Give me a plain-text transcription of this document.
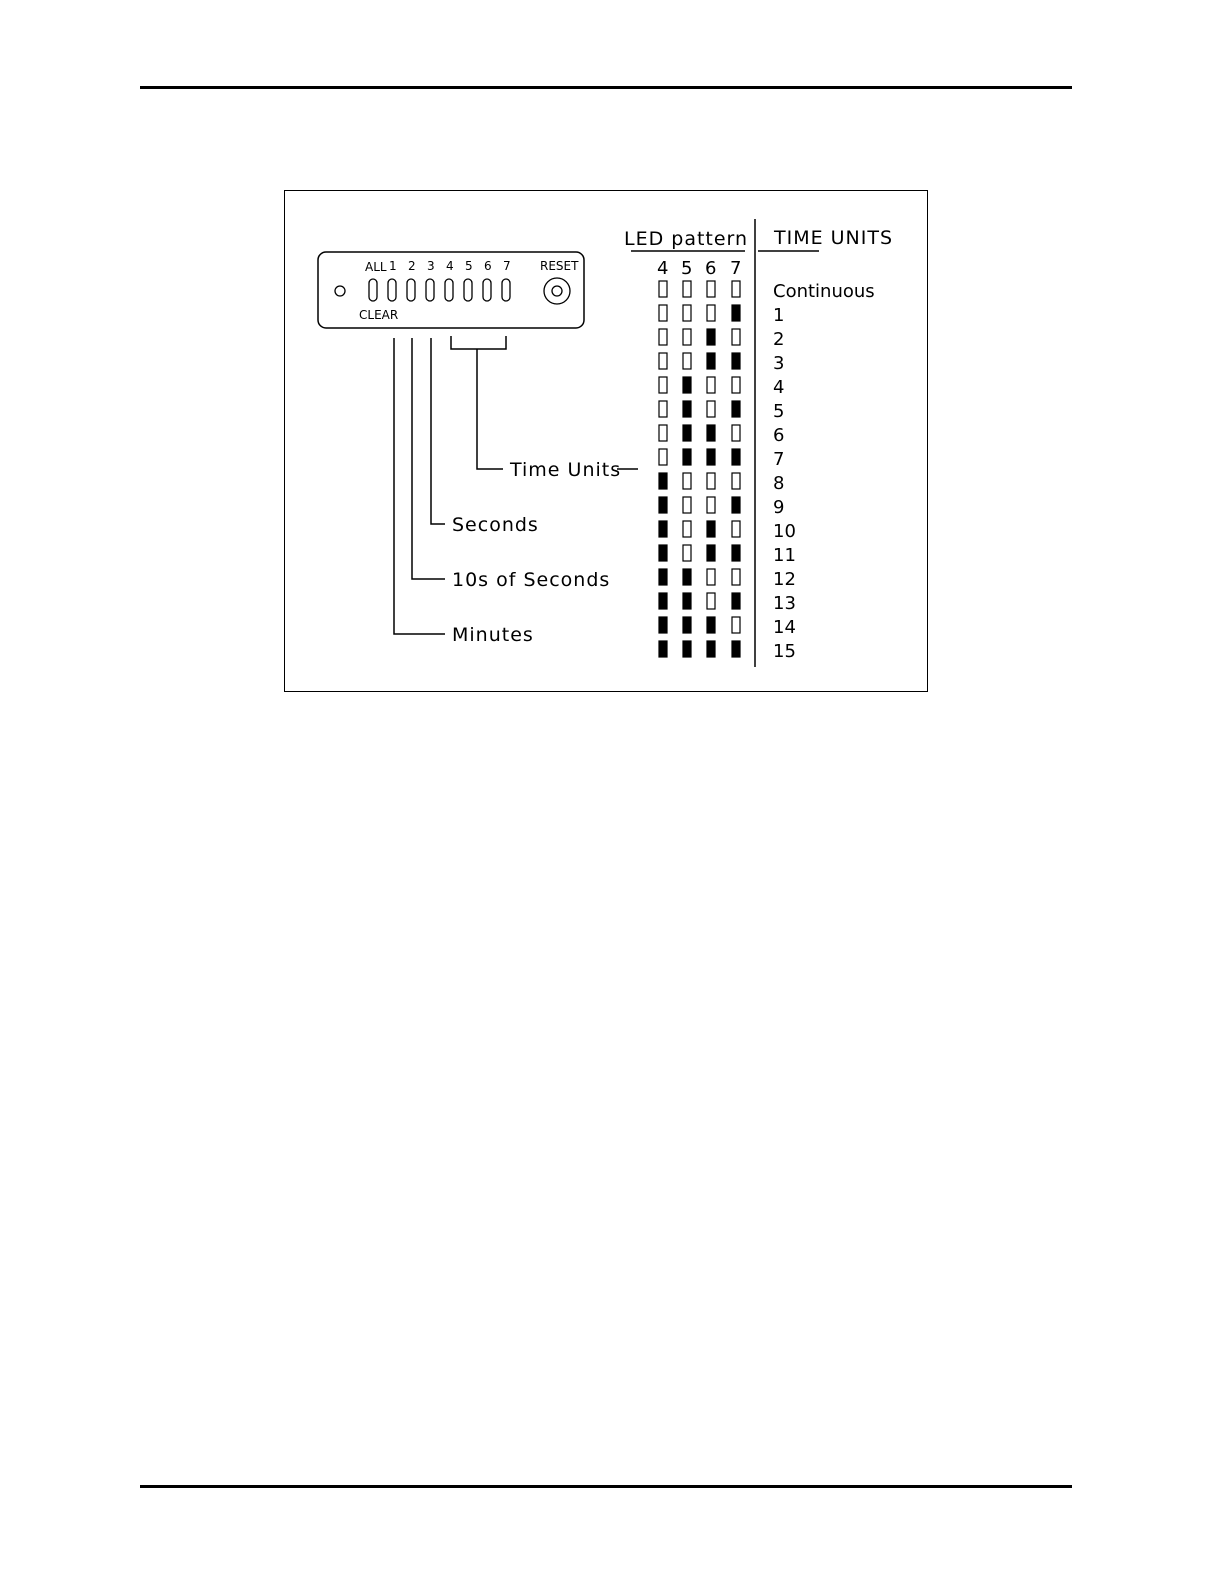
ALL
CLEAR
RESET
1 2 3 4 5 6 7
Time Units
Seconds
10s of Seconds
Minutes
LED pattern TIME UNITS
4 5 6 7
Continuous
1
2
3
4
5
6
7
8
9
10
11
12
13
14
15
